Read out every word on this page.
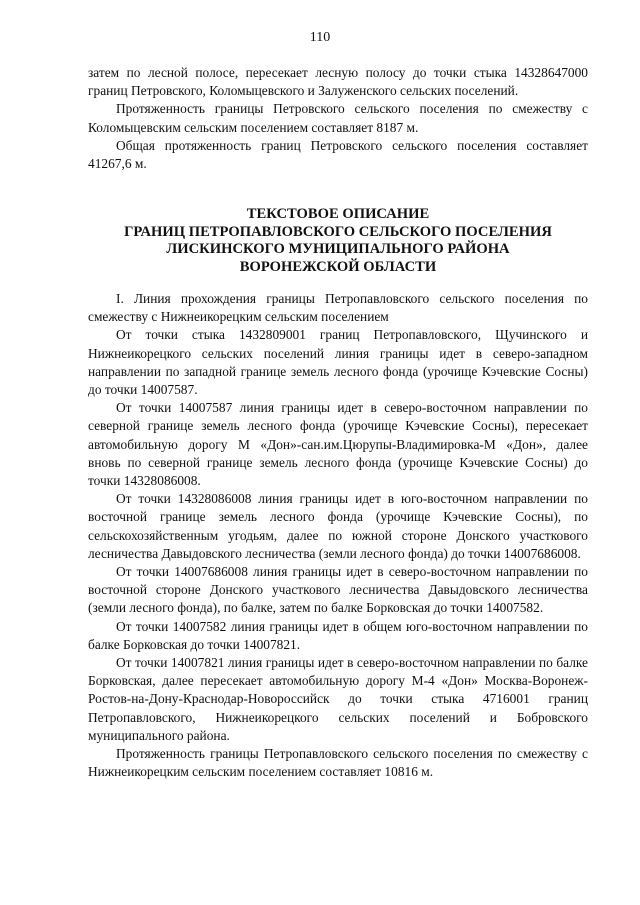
110

затем по лесной полосе, пересекает лесную полосу до точки стыка 14328647000 границ Петровского, Коломыцевского и Залуженского сельских поселений.

Протяженность границы Петровского сельского поселения по смежеству с Коломыцевским сельским поселением составляет 8187 м.

Общая протяженность границ Петровского сельского поселения составляет 41267,6 м.

ТЕКСТОВОЕ ОПИСАНИЕ
ГРАНИЦ ПЕТРОПАВЛОВСКОГО СЕЛЬСКОГО ПОСЕЛЕНИЯ
ЛИСКИНСКОГО МУНИЦИПАЛЬНОГО РАЙОНА
ВОРОНЕЖСКОЙ ОБЛАСТИ

I. Линия прохождения границы Петропавловского сельского поселения по смежеству с Нижнеикорецким сельским поселением

От точки стыка 1432809001 границ Петропавловского, Щучинского и Нижнеикорецкого сельских поселений линия границы идет в северо-западном направлении по западной границе земель лесного фонда (урочище Кэчевские Сосны) до точки 14007587.

От точки 14007587 линия границы идет в северо-восточном направлении по северной границе земель лесного фонда (урочище Кэчевские Сосны), пересекает автомобильную дорогу М «Дон»-сан.им.Цюрупы-Владимировка-М «Дон», далее вновь по северной границе земель лесного фонда (урочище Кэчевские Сосны) до точки 14328086008.

От точки 14328086008 линия границы идет в юго-восточном направлении по восточной границе земель лесного фонда (урочище Кэчевские Сосны), по сельскохозяйственным угодьям, далее по южной стороне Донского участкового лесничества Давыдовского лесничества (земли лесного фонда) до точки 14007686008.

От точки 14007686008 линия границы идет в северо-восточном направлении по восточной стороне Донского участкового лесничества Давыдовского лесничества (земли лесного фонда), по балке, затем по балке Борковская до точки 14007582.

От точки 14007582 линия границы идет в общем юго-восточном направлении по балке Борковская до точки 14007821.

От точки 14007821 линия границы идет в северо-восточном направлении по балке Борковская, далее пересекает автомобильную дорогу М-4 «Дон» Москва-Воронеж-Ростов-на-Дону-Краснодар-Новороссийск до точки стыка 4716001 границ Петропавловского, Нижнеикорецкого сельских поселений и Бобровского муниципального района.

Протяженность границы Петропавловского сельского поселения по смежеству с Нижнеикорецким сельским поселением составляет 10816 м.
